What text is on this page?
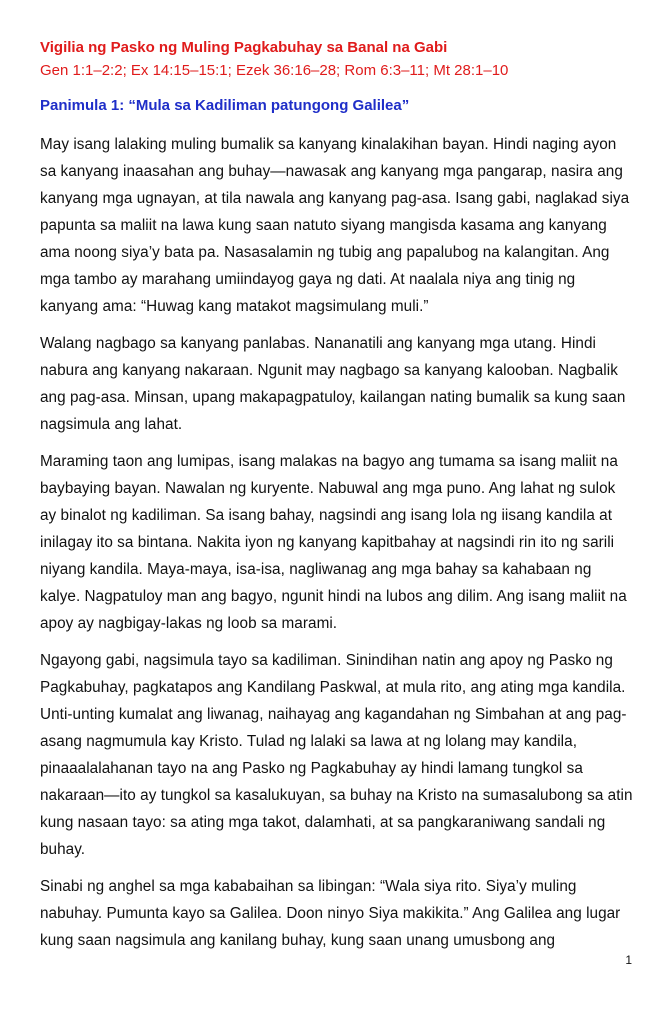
Vigilia ng Pasko ng Muling Pagkabuhay sa Banal na Gabi

Gen 1:1–2:2; Ex 14:15–15:1; Ezek 36:16–28; Rom 6:3–11; Mt 28:1–10

Panimula 1: “Mula sa Kadiliman patungong Galilea”

May isang lalaking muling bumalik sa kanyang kinalakihan bayan. Hindi naging ayon sa kanyang inaasahan ang buhay—nawasak ang kanyang mga pangarap, nasira ang kanyang mga ugnayan, at tila nawala ang kanyang pag-asa. Isang gabi, naglakad siya papunta sa maliit na lawa kung saan natuto siyang mangisda kasama ang kanyang ama noong siya’y bata pa. Nasasalamin ng tubig ang papalubog na kalangitan. Ang mga tambo ay marahang umiindayog gaya ng dati. At naalala niya ang tinig ng kanyang ama: “Huwag kang matakot magsimulang muli.”

Walang nagbago sa kanyang panlabas. Nananatili ang kanyang mga utang. Hindi nabura ang kanyang nakaraan. Ngunit may nagbago sa kanyang kalooban. Nagbalik ang pag-asa. Minsan, upang makapagpatuloy, kailangan nating bumalik sa kung saan nagsimula ang lahat.

Maraming taon ang lumipas, isang malakas na bagyo ang tumama sa isang maliit na baybaying bayan. Nawalan ng kuryente. Nabuwal ang mga puno. Ang lahat ng sulok ay binalot ng kadiliman. Sa isang bahay, nagsindi ang isang lola ng iisang kandila at inilagay ito sa bintana. Nakita iyon ng kanyang kapitbahay at nagsindi rin ito ng sarili niyang kandila. Maya-maya, isa-isa, nagliwanag ang mga bahay sa kahabaan ng kalye. Nagpatuloy man ang bagyo, ngunit hindi na lubos ang dilim. Ang isang maliit na apoy ay nagbigay-lakas ng loob sa marami.

Ngayong gabi, nagsimula tayo sa kadiliman. Sinindihan natin ang apoy ng Pasko ng Pagkabuhay, pagkatapos ang Kandilang Paskwal, at mula rito, ang ating mga kandila. Unti-unting kumalat ang liwanag, naihayag ang kagandahan ng Simbahan at ang pag-asang nagmumula kay Kristo. Tulad ng lalaki sa lawa at ng lolang may kandila, pinaaalalahanan tayo na ang Pasko ng Pagkabuhay ay hindi lamang tungkol sa nakaraan—ito ay tungkol sa kasalukuyan, sa buhay na Kristo na sumasalubong sa atin kung nasaan tayo: sa ating mga takot, dalamhati, at sa pangkaraniwang sandali ng buhay.

Sinabi ng anghel sa mga kababaihan sa libingan: “Wala siya rito. Siya’y muling nabuhay. Pumunta kayo sa Galilea. Doon ninyo Siya makikita.” Ang Galilea ang lugar kung saan nagsimula ang kanilang buhay, kung saan unang umusbong ang

1
